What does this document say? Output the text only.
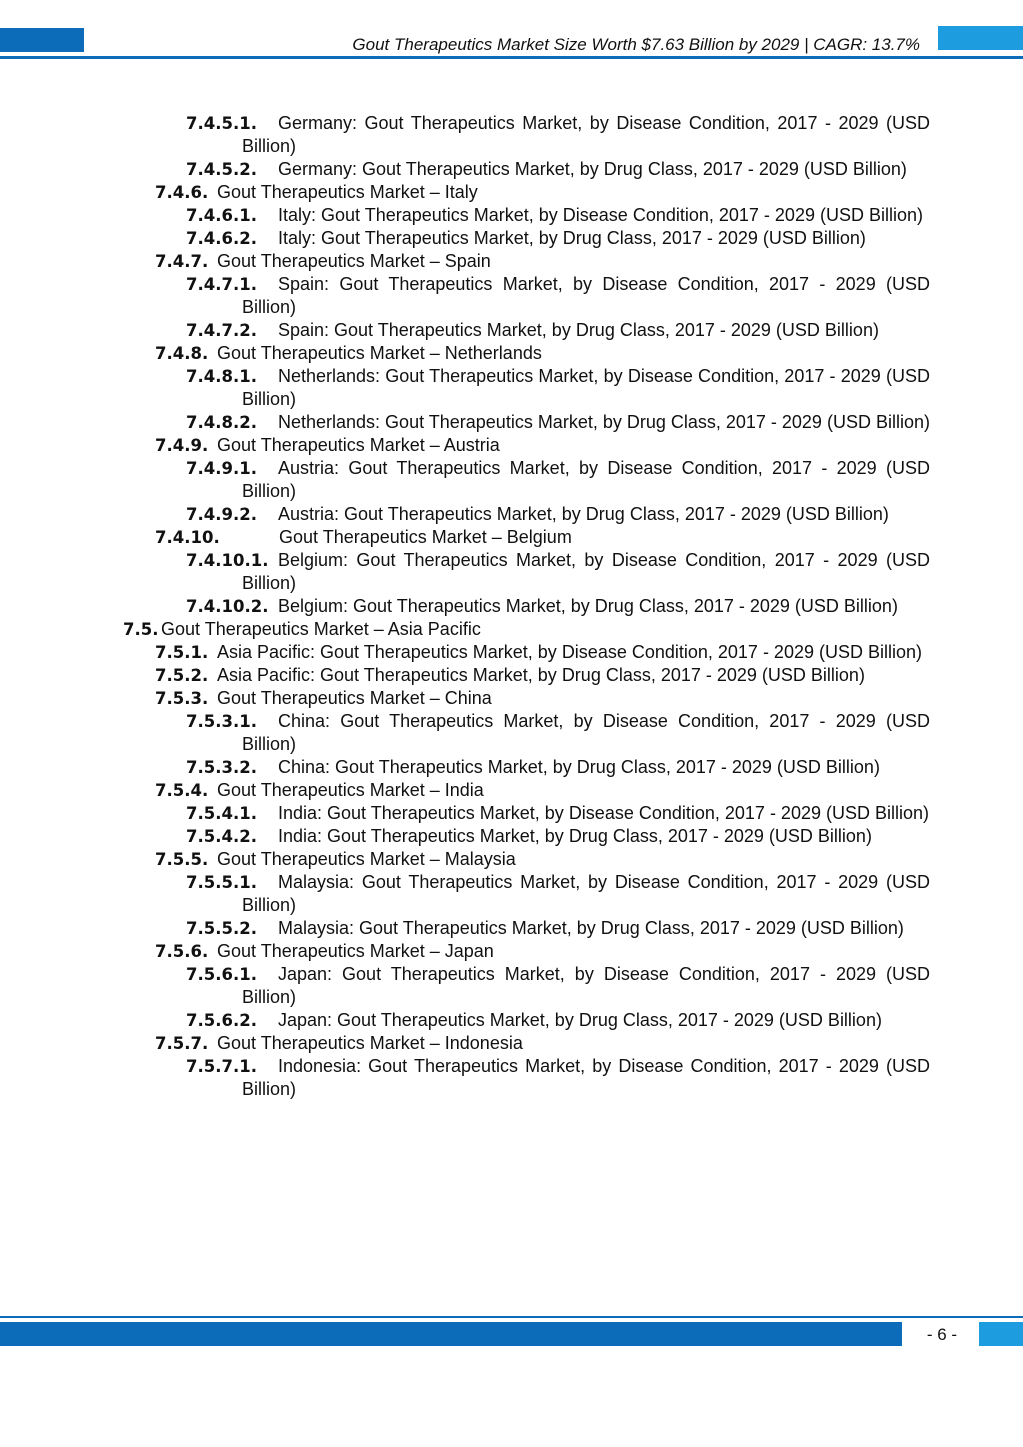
Gout Therapeutics Market Size Worth $7.63 Billion by 2029 | CAGR: 13.7%
7.4.5.1. Germany: Gout Therapeutics Market, by Disease Condition, 2017 - 2029 (USD Billion)
7.4.5.2. Germany: Gout Therapeutics Market, by Drug Class, 2017 - 2029 (USD Billion)
7.4.6. Gout Therapeutics Market – Italy
7.4.6.1. Italy: Gout Therapeutics Market, by Disease Condition, 2017 - 2029 (USD Billion)
7.4.6.2. Italy: Gout Therapeutics Market, by Drug Class, 2017 - 2029 (USD Billion)
7.4.7. Gout Therapeutics Market – Spain
7.4.7.1. Spain: Gout Therapeutics Market, by Disease Condition, 2017 - 2029 (USD Billion)
7.4.7.2. Spain: Gout Therapeutics Market, by Drug Class, 2017 - 2029 (USD Billion)
7.4.8. Gout Therapeutics Market – Netherlands
7.4.8.1. Netherlands: Gout Therapeutics Market, by Disease Condition, 2017 - 2029 (USD Billion)
7.4.8.2. Netherlands: Gout Therapeutics Market, by Drug Class, 2017 - 2029 (USD Billion)
7.4.9. Gout Therapeutics Market – Austria
7.4.9.1. Austria: Gout Therapeutics Market, by Disease Condition, 2017 - 2029 (USD Billion)
7.4.9.2. Austria: Gout Therapeutics Market, by Drug Class, 2017 - 2029 (USD Billion)
7.4.10.	Gout Therapeutics Market – Belgium
7.4.10.1. Belgium: Gout Therapeutics Market, by Disease Condition, 2017 - 2029 (USD Billion)
7.4.10.2. Belgium: Gout Therapeutics Market, by Drug Class, 2017 - 2029 (USD Billion)
7.5. Gout Therapeutics Market – Asia Pacific
7.5.1. Asia Pacific: Gout Therapeutics Market, by Disease Condition, 2017 - 2029 (USD Billion)
7.5.2. Asia Pacific: Gout Therapeutics Market, by Drug Class, 2017 - 2029 (USD Billion)
7.5.3. Gout Therapeutics Market – China
7.5.3.1. China: Gout Therapeutics Market, by Disease Condition, 2017 - 2029 (USD Billion)
7.5.3.2. China: Gout Therapeutics Market, by Drug Class, 2017 - 2029 (USD Billion)
7.5.4. Gout Therapeutics Market – India
7.5.4.1. India: Gout Therapeutics Market, by Disease Condition, 2017 - 2029 (USD Billion)
7.5.4.2. India: Gout Therapeutics Market, by Drug Class, 2017 - 2029 (USD Billion)
7.5.5. Gout Therapeutics Market – Malaysia
7.5.5.1. Malaysia: Gout Therapeutics Market, by Disease Condition, 2017 - 2029 (USD Billion)
7.5.5.2. Malaysia: Gout Therapeutics Market, by Drug Class, 2017 - 2029 (USD Billion)
7.5.6. Gout Therapeutics Market – Japan
7.5.6.1. Japan: Gout Therapeutics Market, by Disease Condition, 2017 - 2029 (USD Billion)
7.5.6.2. Japan: Gout Therapeutics Market, by Drug Class, 2017 - 2029 (USD Billion)
7.5.7. Gout Therapeutics Market – Indonesia
7.5.7.1. Indonesia: Gout Therapeutics Market, by Disease Condition, 2017 - 2029 (USD Billion)
- 6 -
